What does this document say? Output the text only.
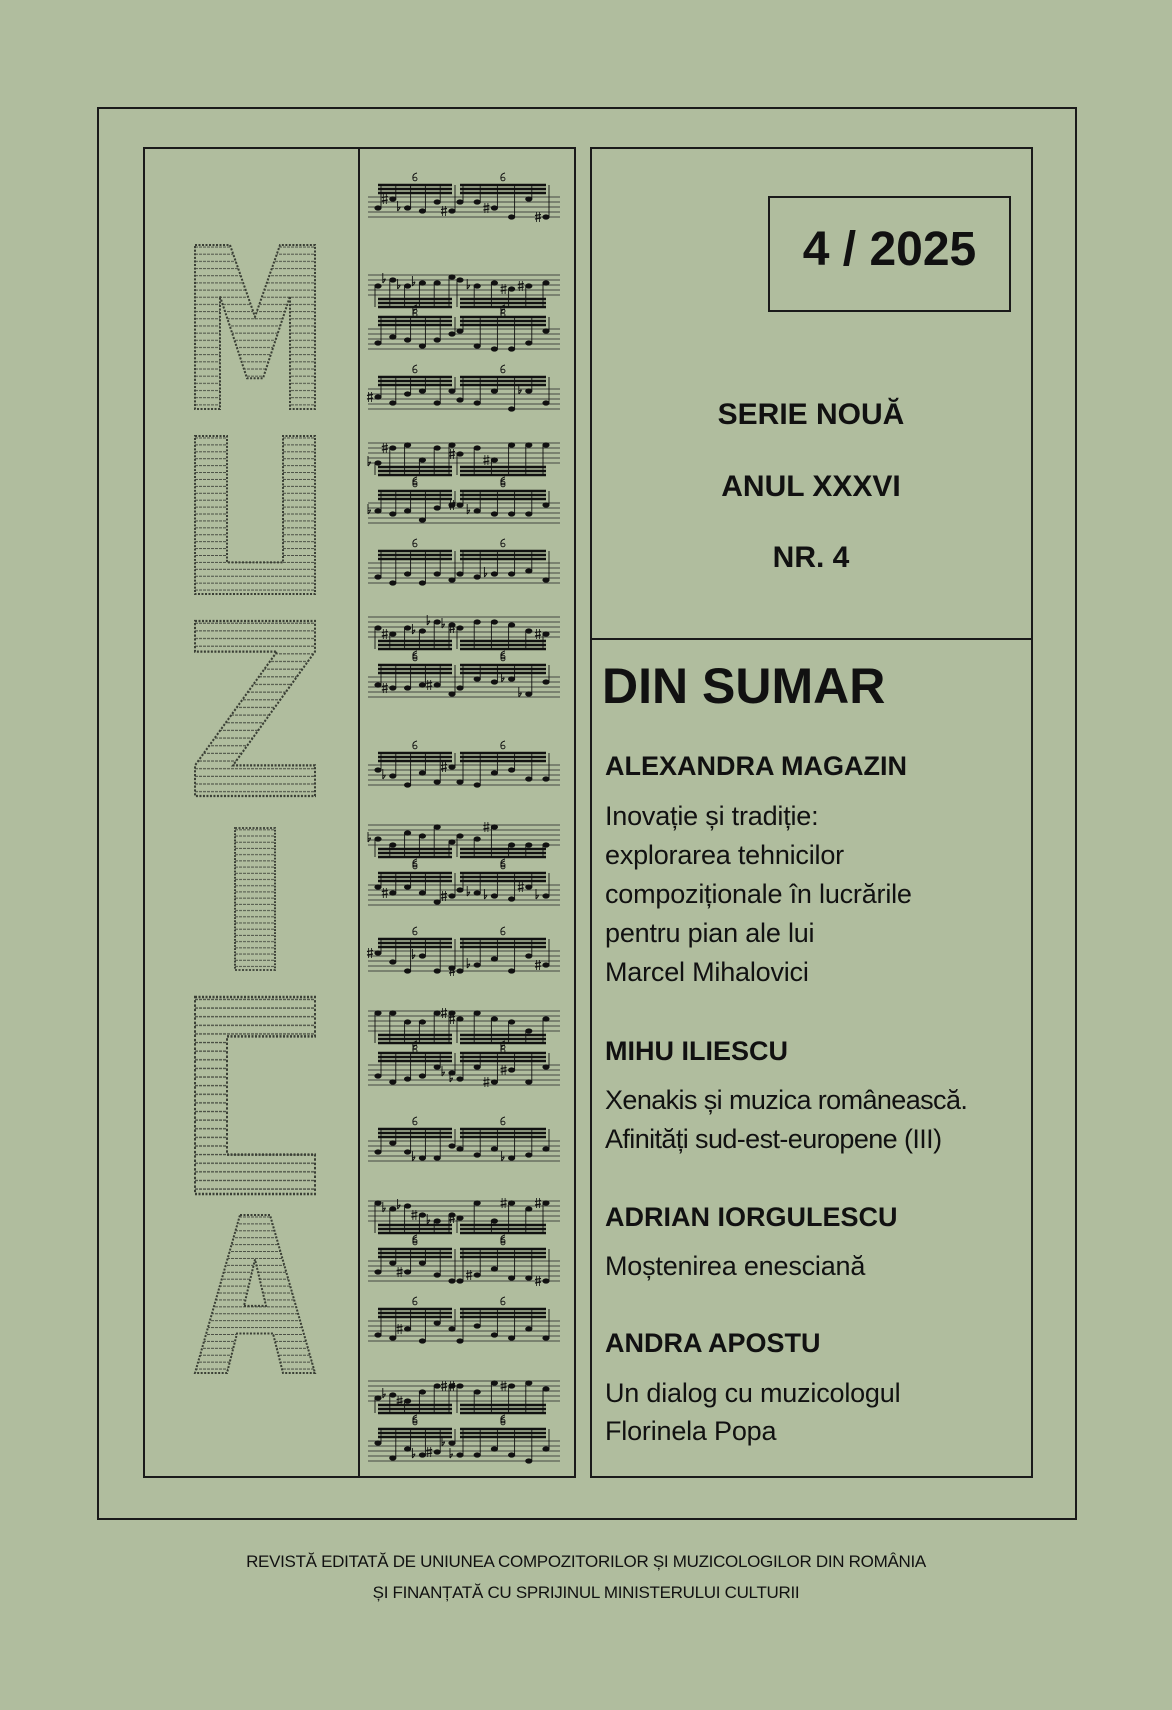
4 / 2025
SERIE NOUĂ
ANUL XXXVI
NR. 4
DIN SUMAR
ALEXANDRA MAGAZIN
Inovație și tradiție:
explorarea tehnicilor
compoziționale în lucrările
pentru pian ale lui
Marcel Mihalovici
MIHU ILIESCU
Xenakis și muzica românească.
Afinități sud-est-europene (III)
ADRIAN IORGULESCU
Moștenirea enesciană
ANDRA APOSTU
Un dialog cu muzicologul
Florinela Popa
REVISTĂ EDITATĂ DE UNIUNEA COMPOZITORILOR ȘI MUZICOLOGILOR DIN ROMÂNIA
ȘI FINANȚATĂ CU SPRIJINUL MINISTERULUI CULTURII
